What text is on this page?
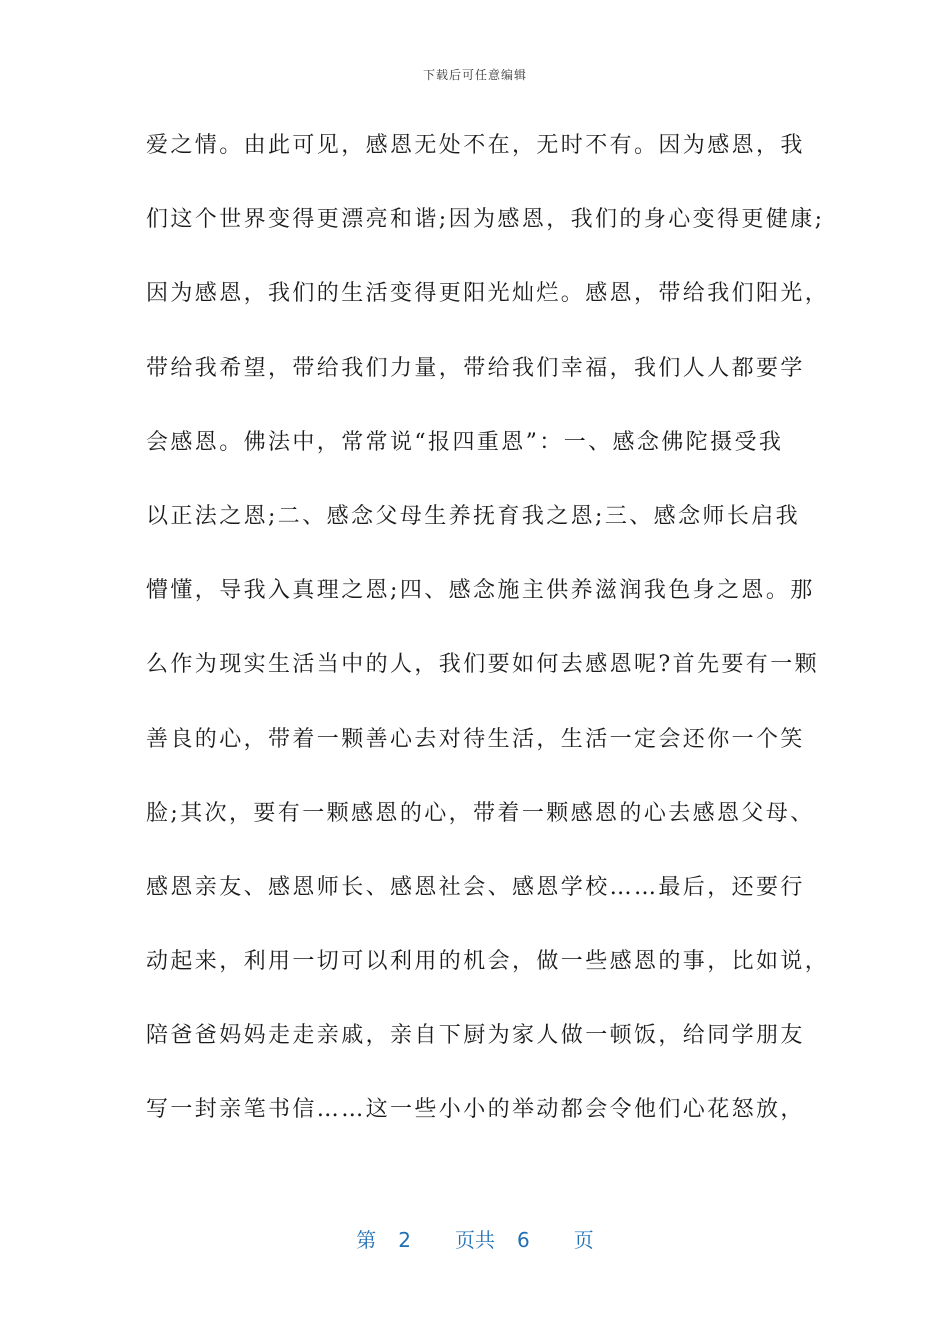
下载后可任意编辑
爱之情。由此可见，感恩无处不在，无时不有。因为感恩，我
们这个世界变得更漂亮和谐;因为感恩，我们的身心变得更健康;
因为感恩，我们的生活变得更阳光灿烂。感恩，带给我们阳光，
带给我希望，带给我们力量，带给我们幸福，我们人人都要学
会感恩。佛法中，常常说“报四重恩”：一、感念佛陀摄受我
以正法之恩;二、感念父母生养抚育我之恩;三、感念师长启我
懵懂，导我入真理之恩;四、感念施主供养滋润我色身之恩。那
么作为现实生活当中的人，我们要如何去感恩呢?首先要有一颗
善良的心，带着一颗善心去对待生活，生活一定会还你一个笑
脸;其次，要有一颗感恩的心，带着一颗感恩的心去感恩父母、
感恩亲友、感恩师长、感恩社会、感恩学校……最后，还要行
动起来，利用一切可以利用的机会，做一些感恩的事，比如说，
陪爸爸妈妈走走亲戚，亲自下厨为家人做一顿饭，给同学朋友
写一封亲笔书信……这一些小小的举动都会令他们心花怒放，
第 2 页共 6 页
